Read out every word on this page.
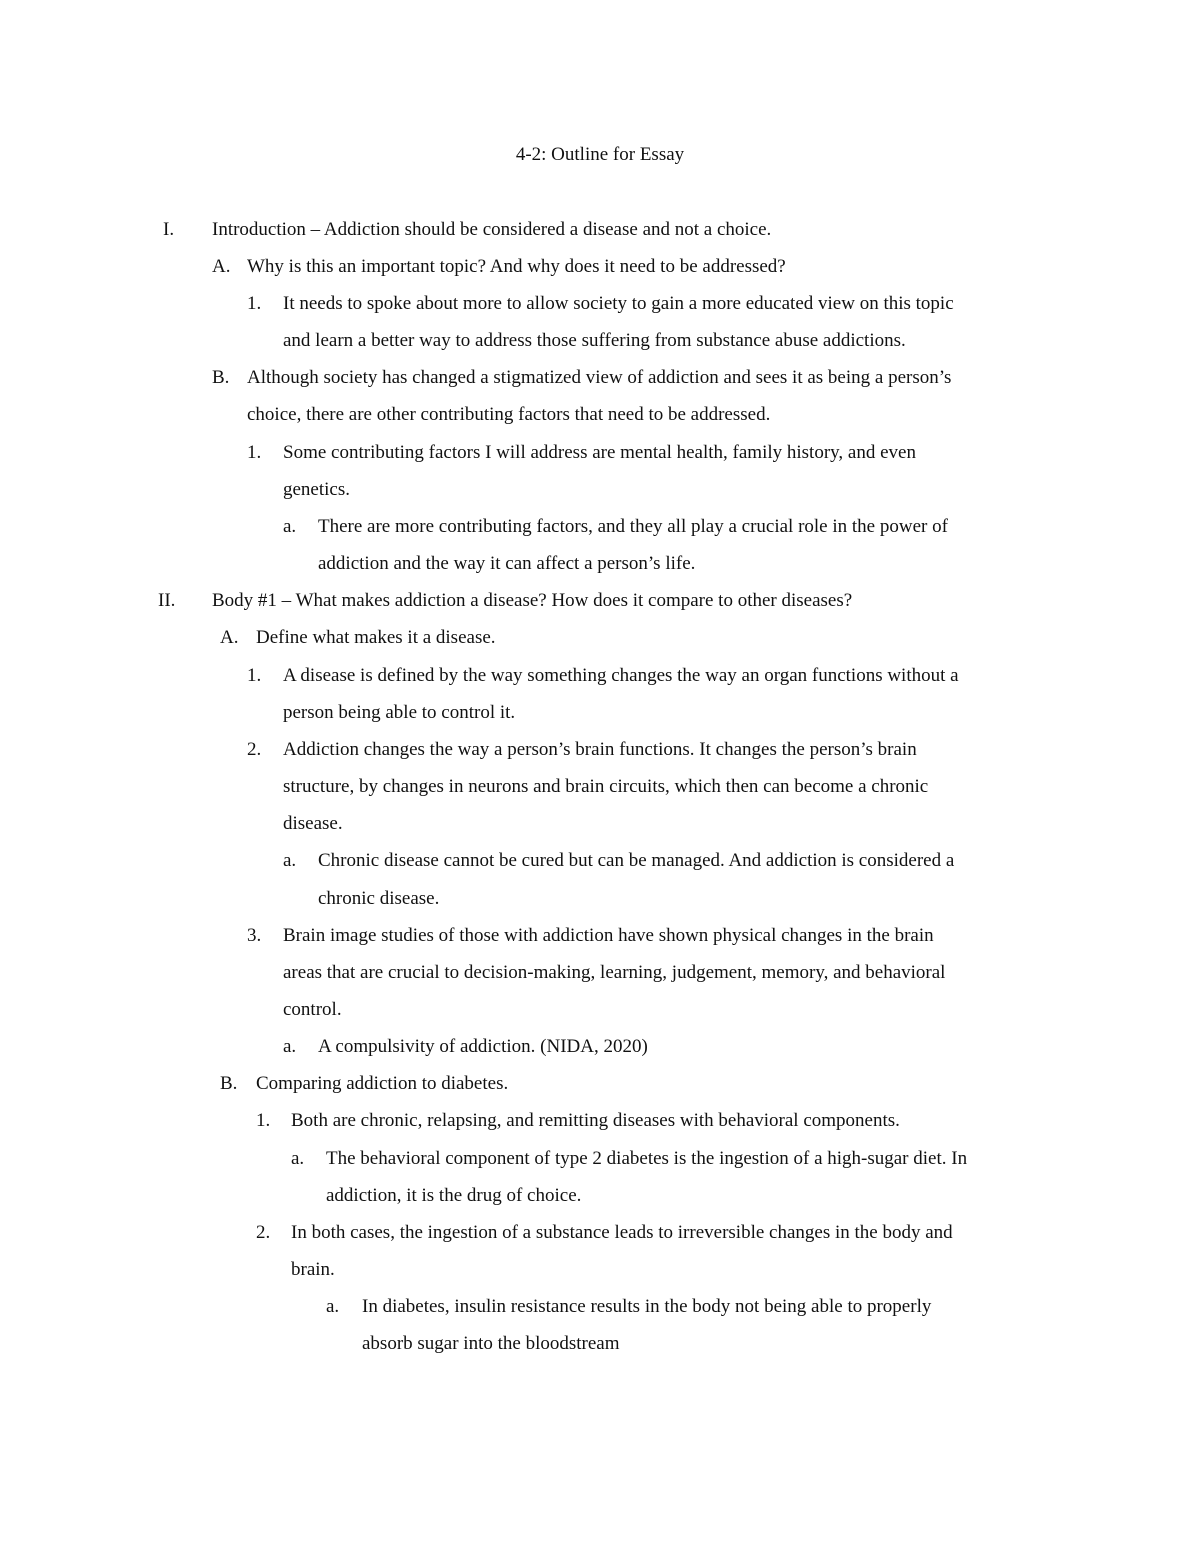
4-2: Outline for Essay
I. Introduction – Addiction should be considered a disease and not a choice.
A. Why is this an important topic? And why does it need to be addressed?
1. It needs to spoke about more to allow society to gain a more educated view on this topic
and learn a better way to address those suffering from substance abuse addictions.
B. Although society has changed a stigmatized view of addiction and sees it as being a person’s
choice, there are other contributing factors that need to be addressed.
1. Some contributing factors I will address are mental health, family history, and even
genetics.
a. There are more contributing factors, and they all play a crucial role in the power of
addiction and the way it can affect a person’s life.
II. Body #1 – What makes addiction a disease? How does it compare to other diseases?
A. Define what makes it a disease.
1. A disease is defined by the way something changes the way an organ functions without a
person being able to control it.
2. Addiction changes the way a person’s brain functions. It changes the person’s brain
structure, by changes in neurons and brain circuits, which then can become a chronic
disease.
a. Chronic disease cannot be cured but can be managed. And addiction is considered a
chronic disease.
3. Brain image studies of those with addiction have shown physical changes in the brain
areas that are crucial to decision-making, learning, judgement, memory, and behavioral
control.
a. A compulsivity of addiction. (NIDA, 2020)
B. Comparing addiction to diabetes.
1. Both are chronic, relapsing, and remitting diseases with behavioral components.
a. The behavioral component of type 2 diabetes is the ingestion of a high-sugar diet. In
addiction, it is the drug of choice.
2. In both cases, the ingestion of a substance leads to irreversible changes in the body and
brain.
a. In diabetes, insulin resistance results in the body not being able to properly
absorb sugar into the bloodstream
